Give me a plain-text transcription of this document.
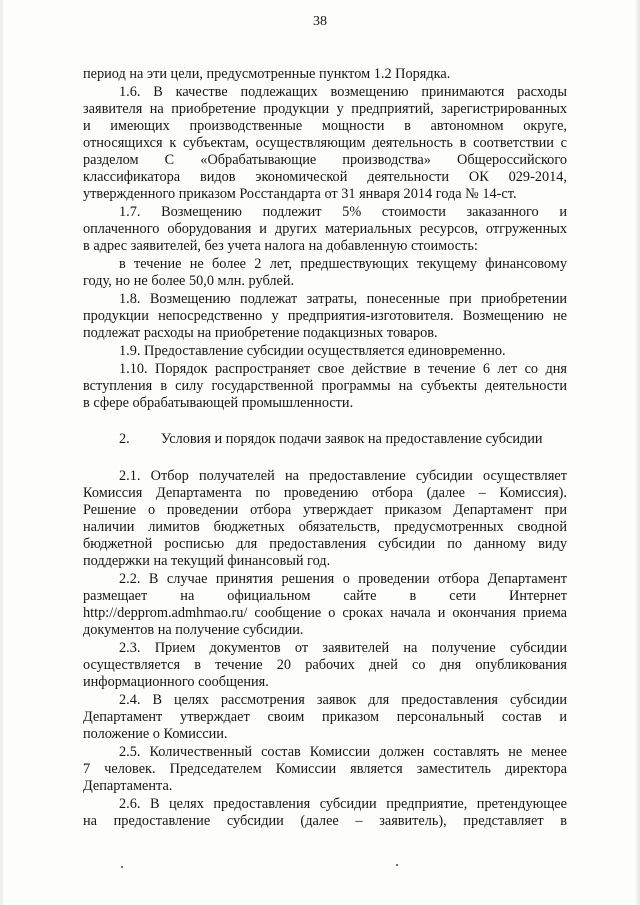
38
период на эти цели, предусмотренные пунктом 1.2 Порядка.
1.6. В качестве подлежащих возмещению принимаются расходы
заявителя на приобретение продукции у предприятий, зарегистрированных
и имеющих производственные мощности в автономном округе,
относящихся к субъектам, осуществляющим деятельность в соответствии с
разделом C «Обрабатывающие производства» Общероссийского
классификатора видов экономической деятельности ОК 029-2014,
утвержденного приказом Росстандарта от 31 января 2014 года № 14-ст.
1.7. Возмещению подлежит 5% стоимости заказанного и
оплаченного оборудования и других материальных ресурсов, отгруженных
в адрес заявителей, без учета налога на добавленную стоимость:
в течение не более 2 лет, предшествующих текущему финансовому
году, но не более 50,0 млн. рублей.
1.8. Возмещению подлежат затраты, понесенные при приобретении
продукции непосредственно у предприятия-изготовителя. Возмещению не
подлежат расходы на приобретение подакцизных товаров.
1.9. Предоставление субсидии осуществляется единовременно.
1.10. Порядок распространяет свое действие в течение 6 лет со дня
вступления в силу государственной программы на субъекты деятельности
в сфере обрабатывающей промышленности.
2.1. Отбор получателей на предоставление субсидии осуществляет
Комиссия Департамента по проведению отбора (далее – Комиссия).
Решение о проведении отбора утверждает приказом Департамент при
наличии лимитов бюджетных обязательств, предусмотренных сводной
бюджетной росписью для предоставления субсидии по данному виду
поддержки на текущий финансовый год.
2.2. В случае принятия решения о проведении отбора Департамент
размещает на официальном сайте в сети Интернет
http://depprom.admhmao.ru/ сообщение о сроках начала и окончания приема
документов на получение субсидии.
2.3. Прием документов от заявителей на получение субсидии
осуществляется в течение 20 рабочих дней со дня опубликования
информационного сообщения.
2.4. В целях рассмотрения заявок для предоставления субсидии
Департамент утверждает своим приказом персональный состав и
положение о Комиссии.
2.5. Количественный состав Комиссии должен составлять не менее
7 человек. Председателем Комиссии является заместитель директора
Департамента.
2.6. В целях предоставления субсидии предприятие, претендующее
на предоставление субсидии (далее – заявитель), представляет в
2. Условия и порядок подачи заявок на предоставление субсидии
